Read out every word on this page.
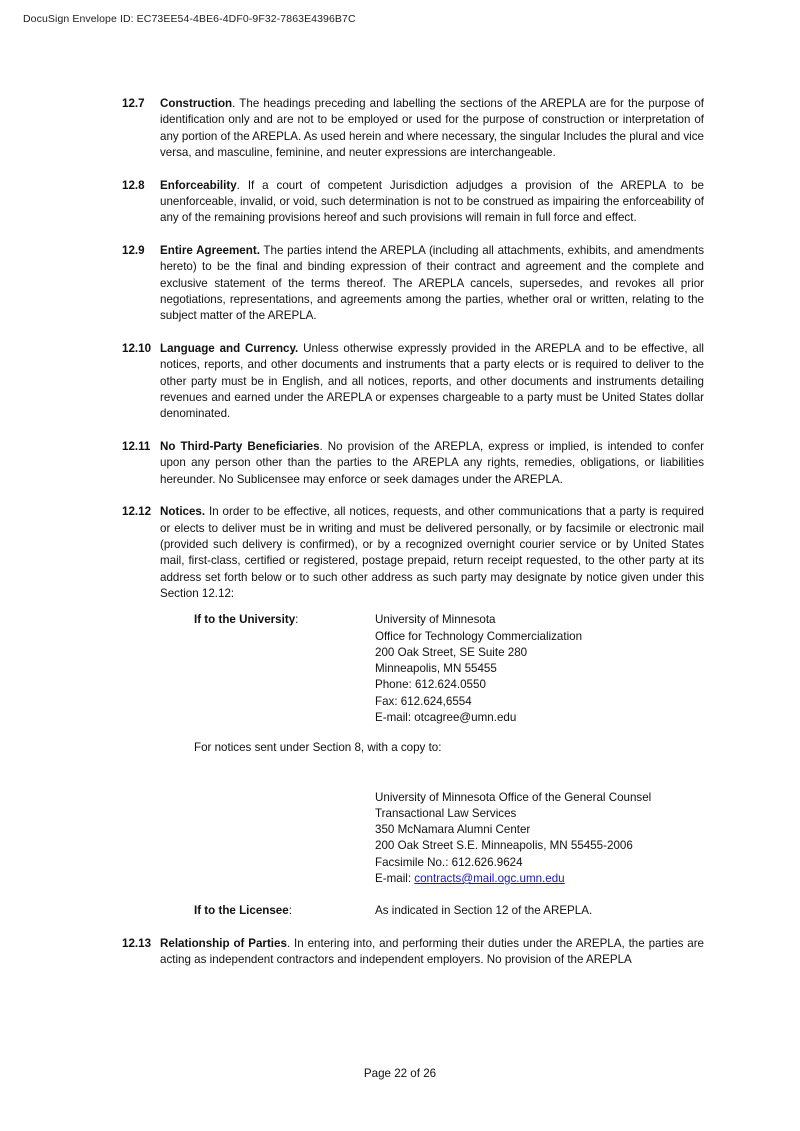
DocuSign Envelope ID: EC73EE54-4BE6-4DF0-9F32-7863E4396B7C
12.7 Construction. The headings preceding and labelling the sections of the AREPLA are for the purpose of identification only and are not to be employed or used for the purpose of construction or interpretation of any portion of the AREPLA. As used herein and where necessary, the singular Includes the plural and vice versa, and masculine, feminine, and neuter expressions are interchangeable.
12.8 Enforceability. If a court of competent Jurisdiction adjudges a provision of the AREPLA to be unenforceable, invalid, or void, such determination is not to be construed as impairing the enforceability of any of the remaining provisions hereof and such provisions will remain in full force and effect.
12.9 Entire Agreement. The parties intend the AREPLA (including all attachments, exhibits, and amendments hereto) to be the final and binding expression of their contract and agreement and the complete and exclusive statement of the terms thereof. The AREPLA cancels, supersedes, and revokes all prior negotiations, representations, and agreements among the parties, whether oral or written, relating to the subject matter of the AREPLA.
12.10 Language and Currency. Unless otherwise expressly provided in the AREPLA and to be effective, all notices, reports, and other documents and instruments that a party elects or is required to deliver to the other party must be in English, and all notices, reports, and other documents and instruments detailing revenues and earned under the AREPLA or expenses chargeable to a party must be United States dollar denominated.
12.11 No Third-Party Beneficiaries. No provision of the AREPLA, express or implied, is intended to confer upon any person other than the parties to the AREPLA any rights, remedies, obligations, or liabilities hereunder. No Sublicensee may enforce or seek damages under the AREPLA.
12.12 Notices. In order to be effective, all notices, requests, and other communications that a party is required or elects to deliver must be in writing and must be delivered personally, or by facsimile or electronic mail (provided such delivery is confirmed), or by a recognized overnight courier service or by United States mail, first-class, certified or registered, postage prepaid, return receipt requested, to the other party at its address set forth below or to such other address as such party may designate by notice given under this Section 12.12:
If to the University:	University of Minnesota
Office for Technology Commercialization
200 Oak Street, SE Suite 280
Minneapolis, MN 55455
Phone: 612.624.0550
Fax: 612.624,6554
E-mail: otcagree@umn.edu
For notices sent under Section 8, with a copy to:
University of Minnesota Office of the General Counsel
Transactional Law Services
350 McNamara Alumni Center
200 Oak Street S.E. Minneapolis, MN 55455-2006
Facsimile No.: 612.626.9624
E-mail: contracts@mail.ogc.umn.edu
If to the Licensee:	As indicated in Section 12 of the AREPLA.
12.13 Relationship of Parties. In entering into, and performing their duties under the AREPLA, the parties are acting as independent contractors and independent employers. No provision of the AREPLA
Page 22 of 26
